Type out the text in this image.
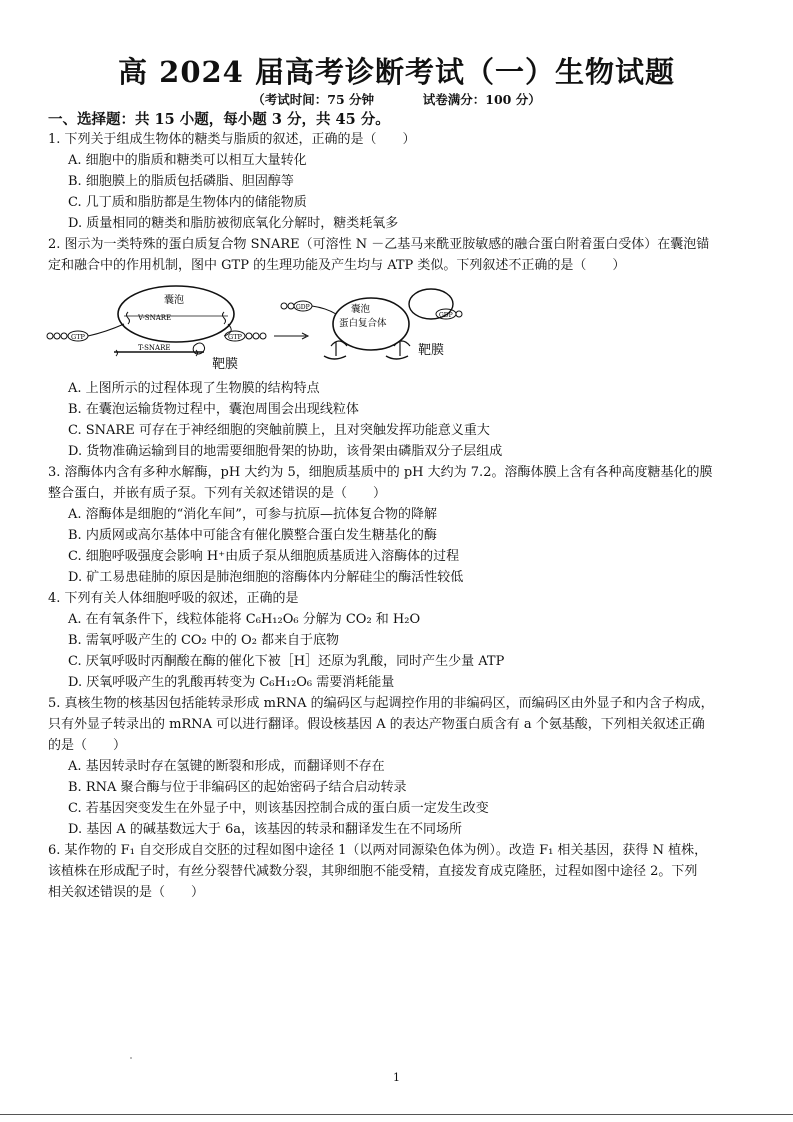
高 2024 届高考诊断考试（一）生物试题
（考试时间：75 分钟	试卷满分：100 分）
一、选择题：共 15 小题，每小题 3 分，共 45 分。
1. 下列关于组成生物体的糖类与脂质的叙述，正确的是（　　）
A. 细胞中的脂质和糖类可以相互大量转化
B. 细胞膜上的脂质包括磷脂、胆固醇等
C. 几丁质和脂肪都是生物体内的储能物质
D. 质量相同的糖类和脂肪被彻底氧化分解时，糖类耗氧多
2. 图示为一类特殊的蛋白质复合物 SNARE（可溶性 N －乙基马来酰亚胺敏感的融合蛋白附着蛋白受体）在囊泡锚
定和融合中的作用机制，图中 GTP 的生理功能及产生均与 ATP 类似。下列叙述不正确的是（　　）
囊泡
V-SNARE
GTP	GTP
T-SNARE
靶膜
囊泡
蛋白复合体
GDP
GDP
靶膜
A. 上图所示的过程体现了生物膜的结构特点
B. 在囊泡运输货物过程中，囊泡周围会出现线粒体
C. SNARE 可存在于神经细胞的突触前膜上，且对突触发挥功能意义重大
D. 货物准确运输到目的地需要细胞骨架的协助，该骨架由磷脂双分子层组成
3. 溶酶体内含有多种水解酶，pH 大约为 5，细胞质基质中的 pH 大约为 7.2。溶酶体膜上含有各种高度糖基化的膜
整合蛋白，并嵌有质子泵。下列有关叙述错误的是（　　）
A. 溶酶体是细胞的“消化车间”，可参与抗原—抗体复合物的降解
B. 内质网或高尔基体中可能含有催化膜整合蛋白发生糖基化的酶
C. 细胞呼吸强度会影响 H⁺由质子泵从细胞质基质进入溶酶体的过程
D. 矿工易患硅肺的原因是肺泡细胞的溶酶体内分解硅尘的酶活性较低
4. 下列有关人体细胞呼吸的叙述，正确的是
A. 在有氧条件下，线粒体能将 C₆H₁₂O₆ 分解为 CO₂ 和 H₂O
B. 需氧呼吸产生的 CO₂ 中的 O₂ 都来自于底物
C. 厌氧呼吸时丙酮酸在酶的催化下被［H］还原为乳酸，同时产生少量 ATP
D. 厌氧呼吸产生的乳酸再转变为 C₆H₁₂O₆ 需要消耗能量
5. 真核生物的核基因包括能转录形成 mRNA 的编码区与起调控作用的非编码区，而编码区由外显子和内含子构成，
只有外显子转录出的 mRNA 可以进行翻译。假设核基因 A 的表达产物蛋白质含有 a 个氨基酸，下列相关叙述正确
的是（　　）
A. 基因转录时存在氢键的断裂和形成，而翻译则不存在
B. RNA 聚合酶与位于非编码区的起始密码子结合启动转录
C. 若基因突变发生在外显子中，则该基因控制合成的蛋白质一定发生改变
D. 基因 A 的碱基数远大于 6a，该基因的转录和翻译发生在不同场所
6. 某作物的 F₁ 自交形成自交胚的过程如图中途径 1（以两对同源染色体为例）。改造 F₁ 相关基因，获得 N 植株，
该植株在形成配子时，有丝分裂替代减数分裂，其卵细胞不能受精，直接发育成克隆胚，过程如图中途径 2。下列
相关叙述错误的是（　　）
1
